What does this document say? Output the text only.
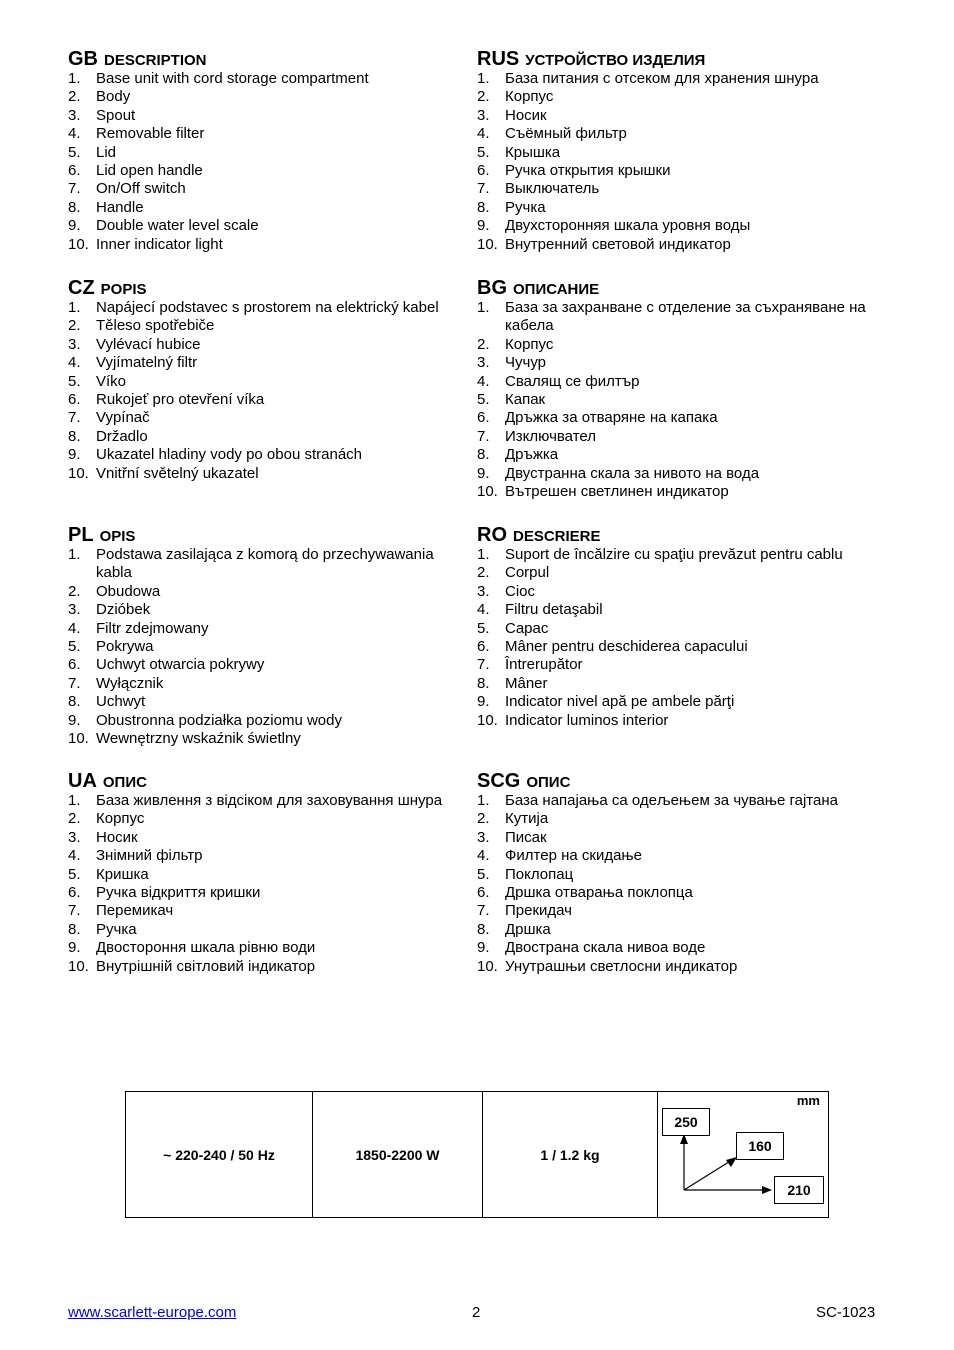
GB DESCRIPTION
1. Base unit with cord storage compartment
2. Body
3. Spout
4. Removable filter
5. Lid
6. Lid open handle
7. On/Off switch
8. Handle
9. Double water level scale
10. Inner indicator light
CZ POPIS
1. Napájecí podstavec s prostorem na elektrický kabel
2. Těleso spotřebiče
3. Vylévací hubice
4. Vyjímatelný filtr
5. Víko
6. Rukojeť pro otevření víka
7. Vypínač
8. Držadlo
9. Ukazatel hladiny vody po obou stranách
10. Vnitřní světelný ukazatel
PL OPIS
1. Podstawa zasilająca z komorą do przechywawania kabla
2. Obudowa
3. Dzióbek
4. Filtr zdejmowany
5. Pokrywa
6. Uchwyt otwarcia pokrywy
7. Wyłącznik
8. Uchwyt
9. Obustronna podziałka poziomu wody
10. Wewnętrzny wskaźnik świetlny
UA ОПИС
1. База живлення з відсіком для заховування шнура
2. Корпус
3. Носик
4. Знімний фільтр
5. Кришка
6. Ручка відкриття кришки
7. Перемикач
8. Ручка
9. Двостороння шкала рівню води
10. Внутрішній світловий індикатор
RUS УСТРОЙСТВО ИЗДЕЛИЯ
1. База питания с отсеком для хранения шнура
2. Корпус
3. Носик
4. Съёмный фильтр
5. Крышка
6. Ручка открытия крышки
7. Выключатель
8. Ручка
9. Двухсторонняя шкала уровня воды
10. Внутренний световой индикатор
BG ОПИСАНИЕ
1. База за захранване с отделение за съхраняване на кабела
2. Корпус
3. Чучур
4. Свалящ се филтър
5. Капак
6. Дръжка за отваряне на капака
7. Изключвател
8. Дръжка
9. Двустранна скала за нивото на вода
10. Вътрешен светлинен индикатор
RO DESCRIERE
1. Suport de încălzire cu spaţiu prevăzut pentru cablu
2. Corpul
3. Cioc
4. Filtru detaşabil
5. Capac
6. Mâner pentru deschiderea capacului
7. Întrerupător
8. Mâner
9. Indicator nivel apă pe ambele părţi
10. Indicator luminos interior
SCG ОПИС
1. База напајања са одељењем за чување гајтана
2. Кутија
3. Писак
4. Филтер на скидање
5. Поклопац
6. Дршка отварања поклопца
7. Прекидач
8. Дршка
9. Двострана скала нивоа воде
10. Унутрашњи светлосни индикатор
~ 220-240 / 50 Hz	1850-2200 W	1 / 1.2 kg	
mm
250
160
210
www.scarlett-europe.com	2	SC-1023
